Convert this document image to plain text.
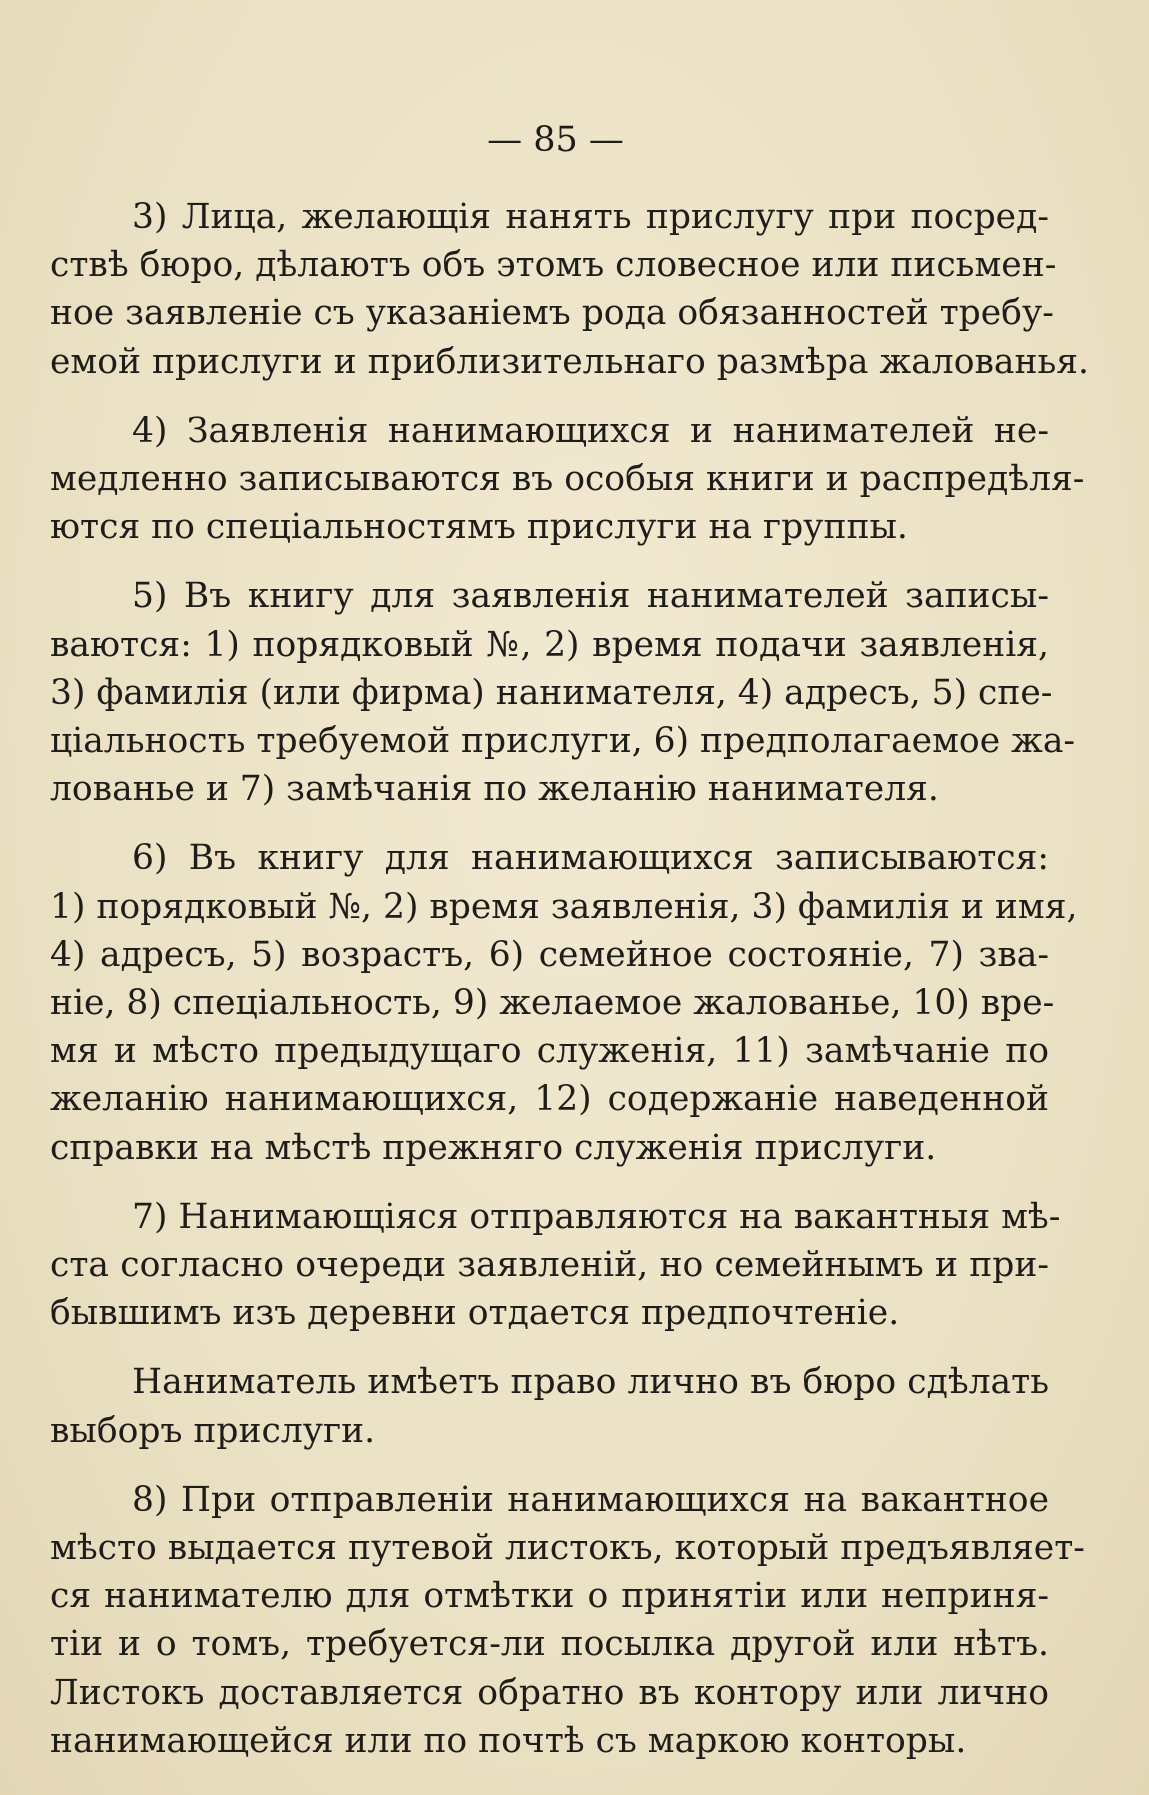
— 85 —
3) Лица, желающія нанять прислугу при посред-
ствѣ бюро, дѣлаютъ объ этомъ словесное или письмен-
ное заявленіе съ указаніемъ рода обязанностей требу-
емой прислуги и приблизительнаго размѣра жалованья.
4) Заявленія нанимающихся и нанимателей не-
медленно записываются въ особыя книги и распредѣля-
ются по спеціальностямъ прислуги на группы.
5) Въ книгу для заявленія нанимателей записы-
ваются: 1) порядковый №, 2) время подачи заявленія,
3) фамилія (или фирма) нанимателя, 4) адресъ, 5) спе-
ціальность требуемой прислуги, 6) предполагаемое жа-
лованье и 7) замѣчанія по желанію нанимателя.
6) Въ книгу для нанимающихся записываются:
1) порядковый №, 2) время заявленія, 3) фамилія и имя,
4) адресъ, 5) возрастъ, 6) семейное состояніе, 7) зва-
ніе, 8) спеціальность, 9) желаемое жалованье, 10) вре-
мя и мѣсто предыдущаго служенія, 11) замѣчаніе по
желанію нанимающихся, 12) содержаніе наведенной
справки на мѣстѣ прежняго служенія прислуги.
7) Нанимающіяся отправляются на вакантныя мѣ-
ста согласно очереди заявленій, но семейнымъ и при-
бывшимъ изъ деревни отдается предпочтеніе.
Наниматель имѣетъ право лично въ бюро сдѣлать
выборъ прислуги.
8) При отправленіи нанимающихся на вакантное
мѣсто выдается путевой листокъ, который предъявляет-
ся нанимателю для отмѣтки о принятіи или неприня-
тіи и о томъ, требуется-ли посылка другой или нѣтъ.
Листокъ доставляется обратно въ контору или лично
нанимающейся или по почтѣ съ маркою конторы.
